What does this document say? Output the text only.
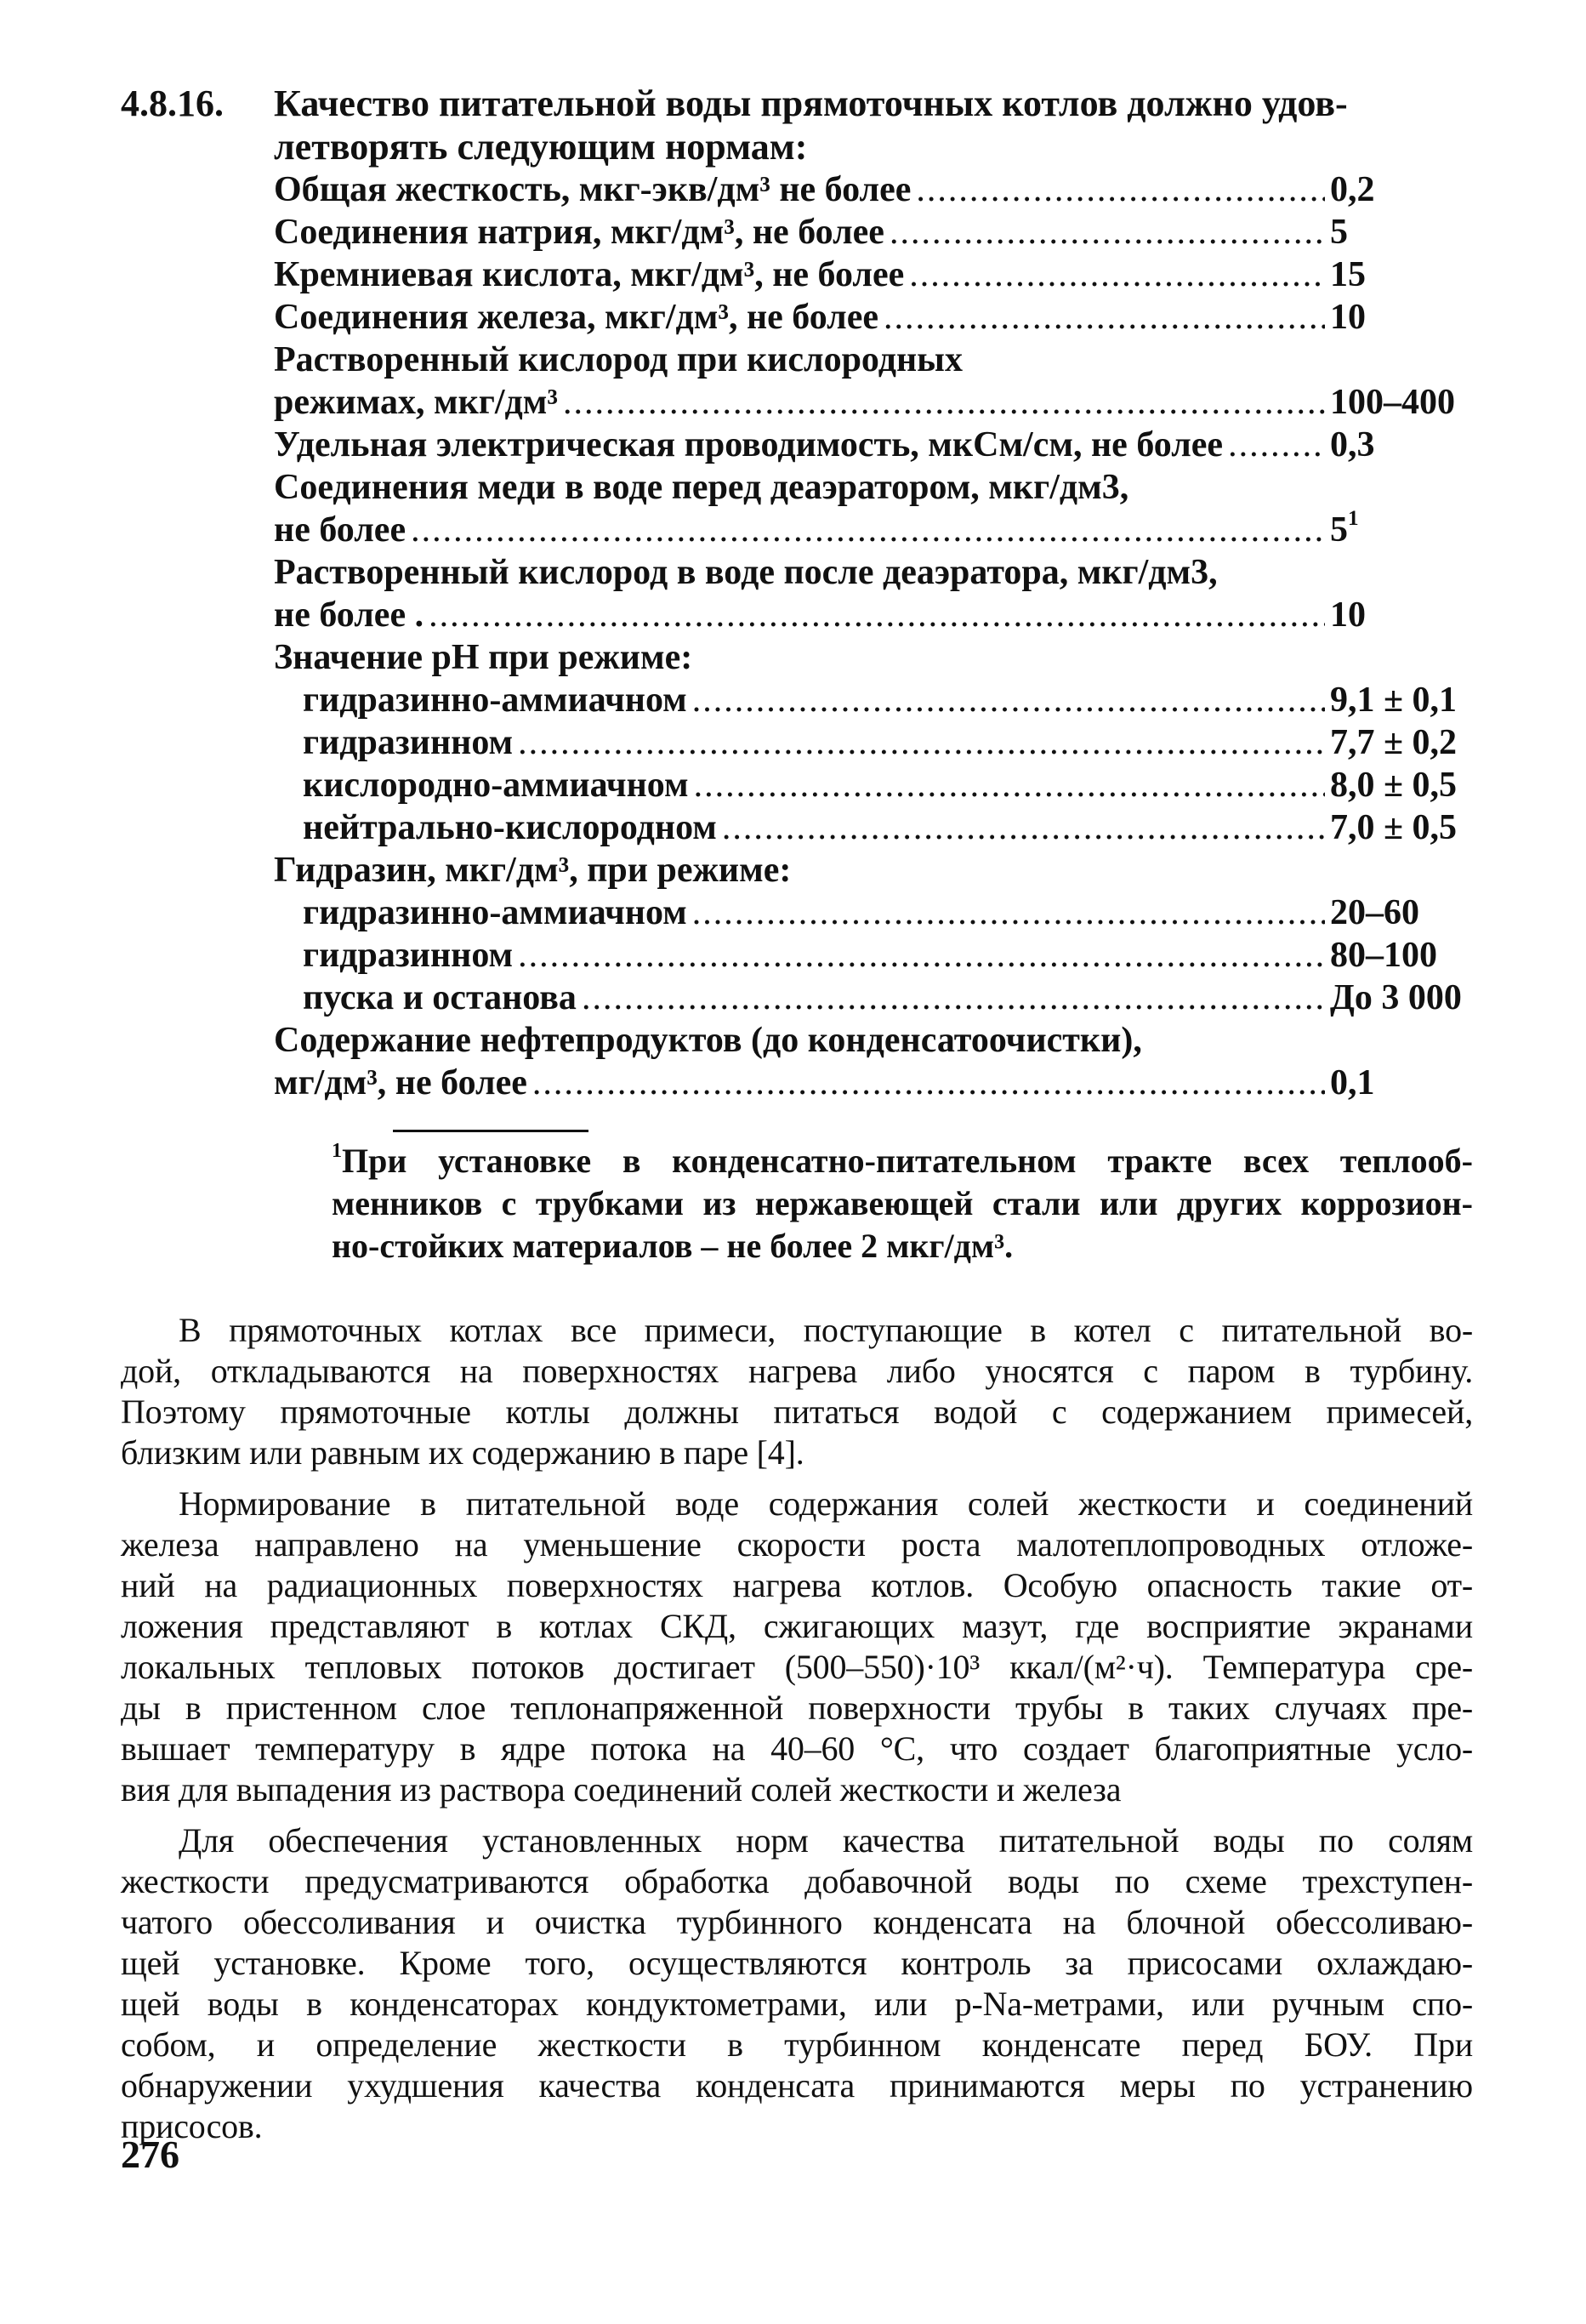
4.8.16.	Качество питательной воды прямоточных котлов должно удов-
летворять следующим нормам:
Общая жесткость, мкг-экв/дм³ не более .....	0,2
Соединения натрия, мкг/дм³, не более .....	5
Кремниевая кислота, мкг/дм³, не более .....	15
Соединения железа, мкг/дм³, не более .....	10
Растворенный кислород при кислородных
режимах, мкг/дм³ .....	100–400
Удельная электрическая проводимость, мкСм/см, не более .....	0,3
Соединения меди в воде перед деаэратором, мкг/дм3,
не более .....	$5^1$
Растворенный кислород в воде после деаэратора, мкг/дм3,
не более . .....	10
Значение рН при режиме:
гидразинно-аммиачном .....	9,1 ± 0,1
гидразинном .....	7,7 ± 0,2
кислородно-аммиачном .....	8,0 ± 0,5
нейтрально-кислородном .....	7,0 ± 0,5
Гидразин, мкг/дм³, при режиме:
гидразинно-аммиачном .....	20–60
гидразинном .....	80–100
пуска и останова .....	До 3 000
Содержание нефтепродуктов (до конденсатоочистки),
мг/дм³, не более .....	0,1
$^1$При установке в конденсатно-питательном тракте всех теплооб-
менников с трубками из нержавеющей стали или других коррозион-
но-стойких материалов – не более 2 мкг/дм³.
В прямоточных котлах все примеси, поступающие в котел с питательной во-
дой, откладываются на поверхностях нагрева либо уносятся с паром в турбину.
Поэтому прямоточные котлы должны питаться водой с содержанием примесей,
близким или равным их содержанию в паре [4].
Нормирование в питательной воде содержания солей жесткости и соединений
железа направлено на уменьшение скорости роста малотеплопроводных отложе-
ний на радиационных поверхностях нагрева котлов. Особую опасность такие от-
ложения представляют в котлах СКД, сжигающих мазут, где восприятие экранами
локальных тепловых потоков достигает (500–550)·10³ ккал/(м²·ч). Температура сре-
ды в пристенном слое теплонапряженной поверхности трубы в таких случаях пре-
вышает температуру в ядре потока на 40–60 °С, что создает благоприятные усло-
вия для выпадения из раствора соединений солей жесткости и железа
Для обеспечения установленных норм качества питательной воды по солям
жесткости предусматриваются обработка добавочной воды по схеме трехступен-
чатого обессоливания и очистка турбинного конденсата на блочной обессоливаю-
щей установке. Кроме того, осуществляются контроль за присосами охлаждаю-
щей воды в конденсаторах кондуктометрами, или р-Na-метрами, или ручным спо-
собом, и определение жесткости в турбинном конденсате перед БОУ. При
обнаружении ухудшения качества конденсата принимаются меры по устранению
присосов.
276
